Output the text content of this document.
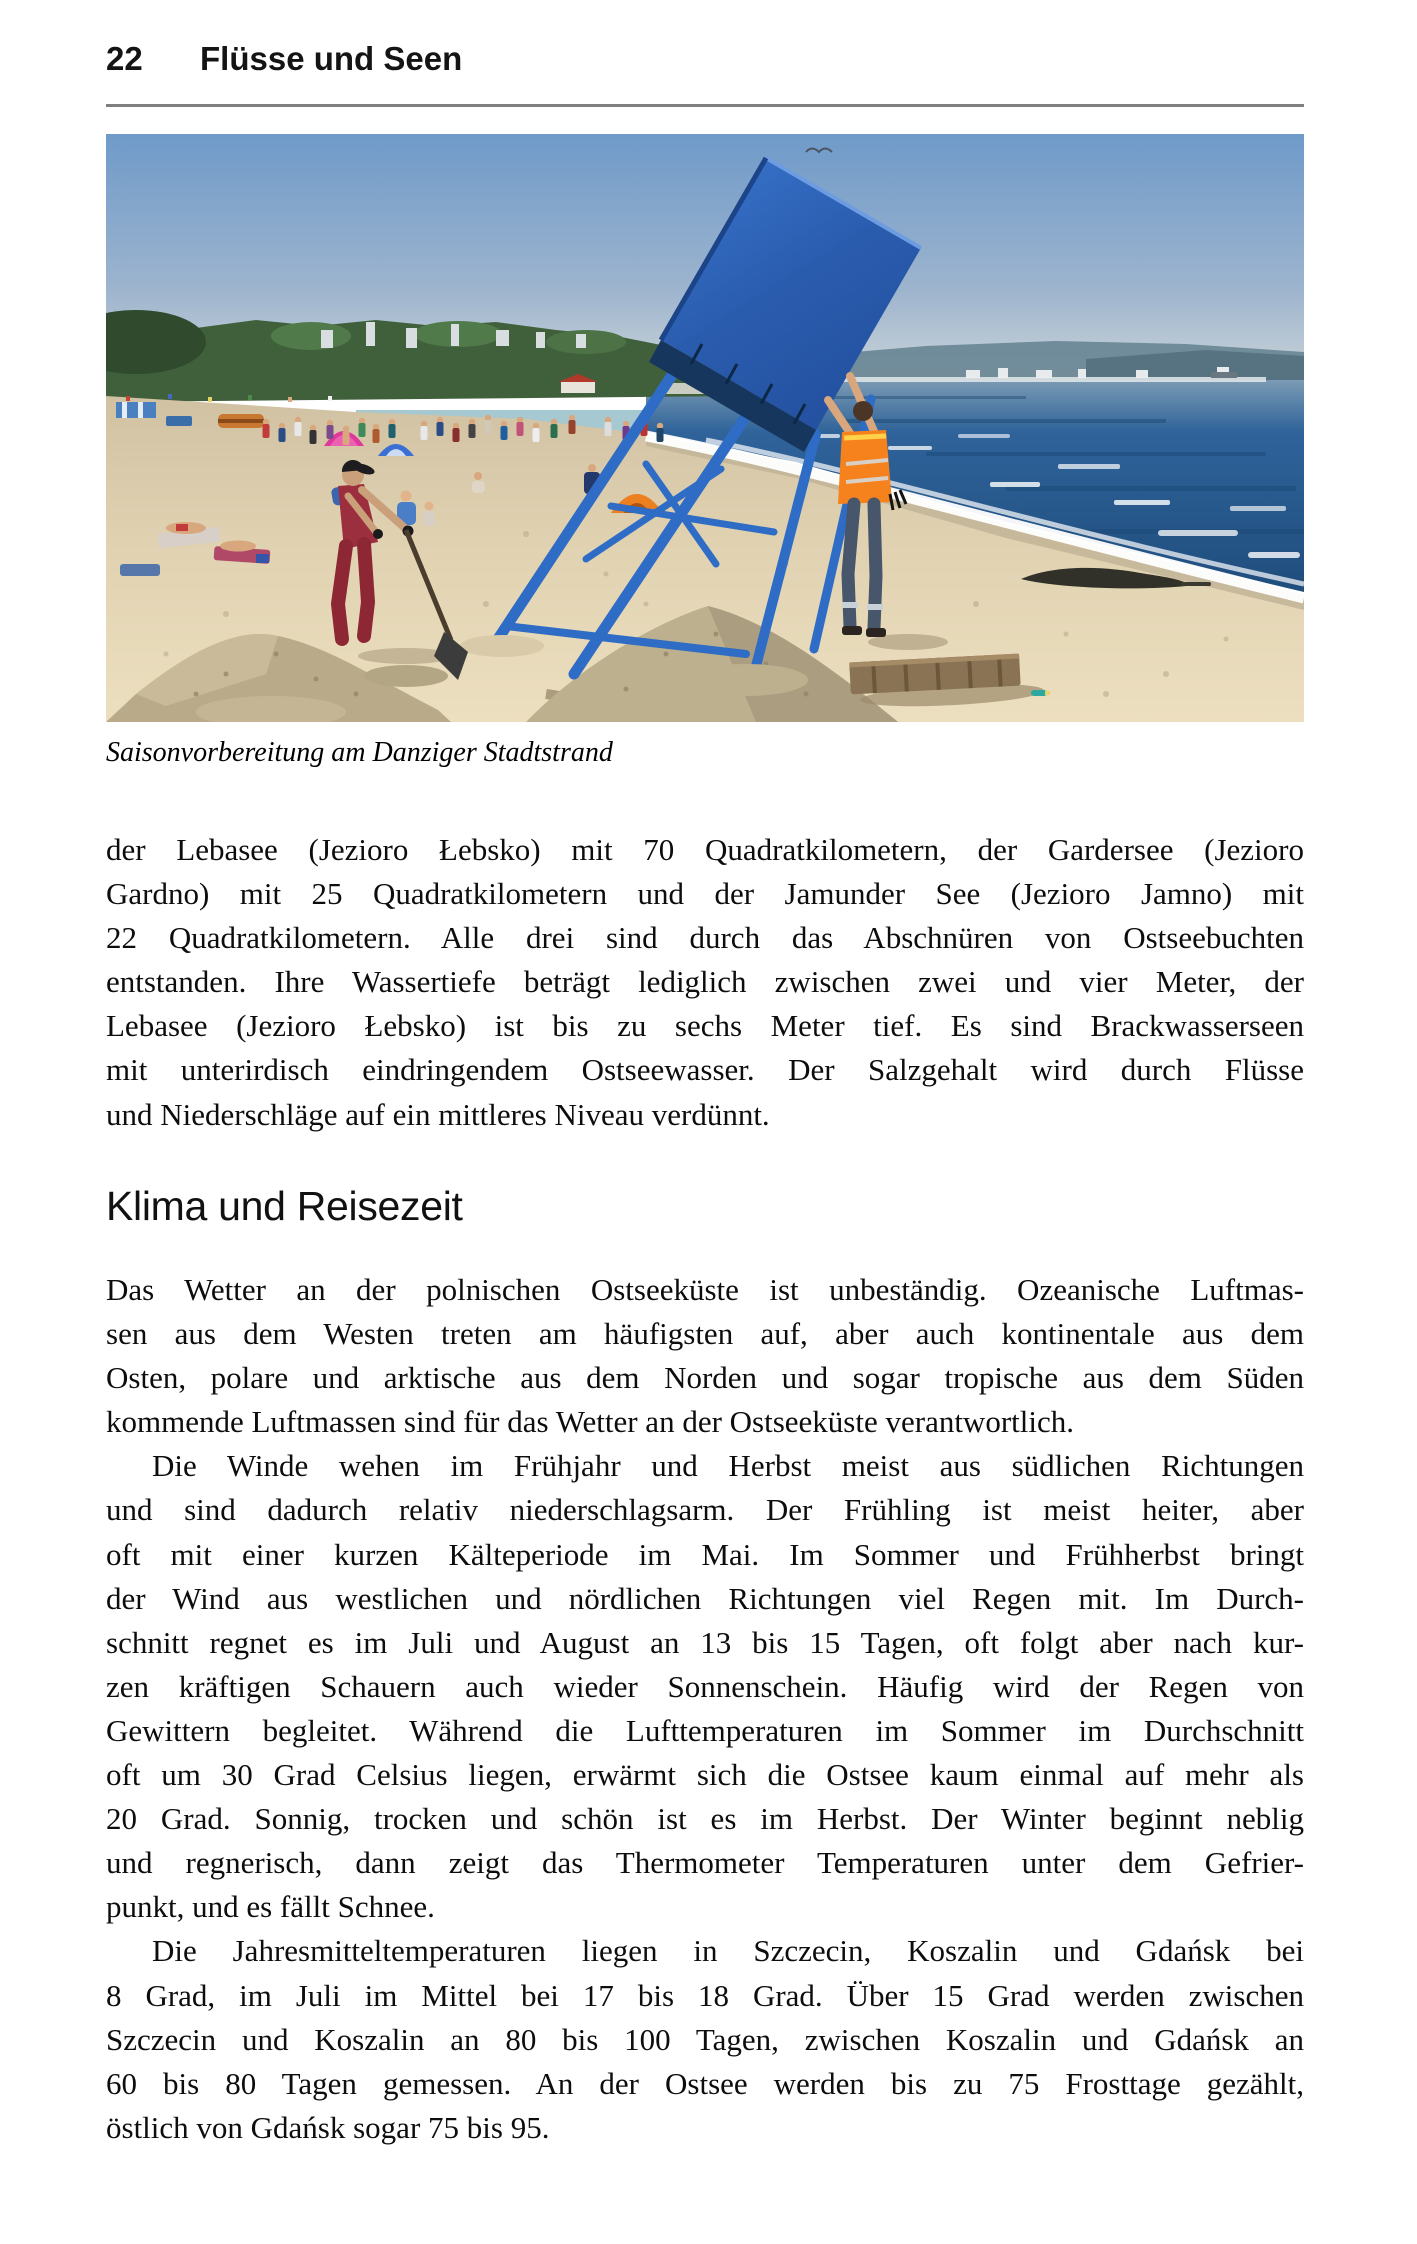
22 Flüsse und Seen
Saisonvorbereitung am Danziger Stadtstrand
der Lebasee (Jezioro Łebsko) mit 70 Quadratkilometern, der Gardersee (Jezioro
Gardno) mit 25 Quadratkilometern und der Jamunder See (Jezioro Jamno) mit
22 Quadratkilometern. Alle drei sind durch das Abschnüren von Ostseebuchten
entstanden. Ihre Wassertiefe beträgt lediglich zwischen zwei und vier Meter, der
Lebasee (Jezioro Łebsko) ist bis zu sechs Meter tief. Es sind Brackwasserseen
mit unterirdisch eindringendem Ostseewasser. Der Salzgehalt wird durch Flüsse
und Niederschläge auf ein mittleres Niveau verdünnt.
Klima und Reisezeit
Das Wetter an der polnischen Ostseeküste ist unbeständig. Ozeanische Luftmas-
sen aus dem Westen treten am häufigsten auf, aber auch kontinentale aus dem
Osten, polare und arktische aus dem Norden und sogar tropische aus dem Süden
kommende Luftmassen sind für das Wetter an der Ostseeküste verantwortlich.
Die Winde wehen im Frühjahr und Herbst meist aus südlichen Richtungen
und sind dadurch relativ niederschlagsarm. Der Frühling ist meist heiter, aber
oft mit einer kurzen Kälteperiode im Mai. Im Sommer und Frühherbst bringt
der Wind aus westlichen und nördlichen Richtungen viel Regen mit. Im Durch-
schnitt regnet es im Juli und August an 13 bis 15 Tagen, oft folgt aber nach kur-
zen kräftigen Schauern auch wieder Sonnenschein. Häufig wird der Regen von
Gewittern begleitet. Während die Lufttemperaturen im Sommer im Durchschnitt
oft um 30 Grad Celsius liegen, erwärmt sich die Ostsee kaum einmal auf mehr als
20 Grad. Sonnig, trocken und schön ist es im Herbst. Der Winter beginnt neblig
und regnerisch, dann zeigt das Thermometer Temperaturen unter dem Gefrier-
punkt, und es fällt Schnee.
Die Jahresmitteltemperaturen liegen in Szczecin, Koszalin und Gdańsk bei
8 Grad, im Juli im Mittel bei 17 bis 18 Grad. Über 15 Grad werden zwischen
Szczecin und Koszalin an 80 bis 100 Tagen, zwischen Koszalin und Gdańsk an
60 bis 80 Tagen gemessen. An der Ostsee werden bis zu 75 Frosttage gezählt,
östlich von Gdańsk sogar 75 bis 95.
